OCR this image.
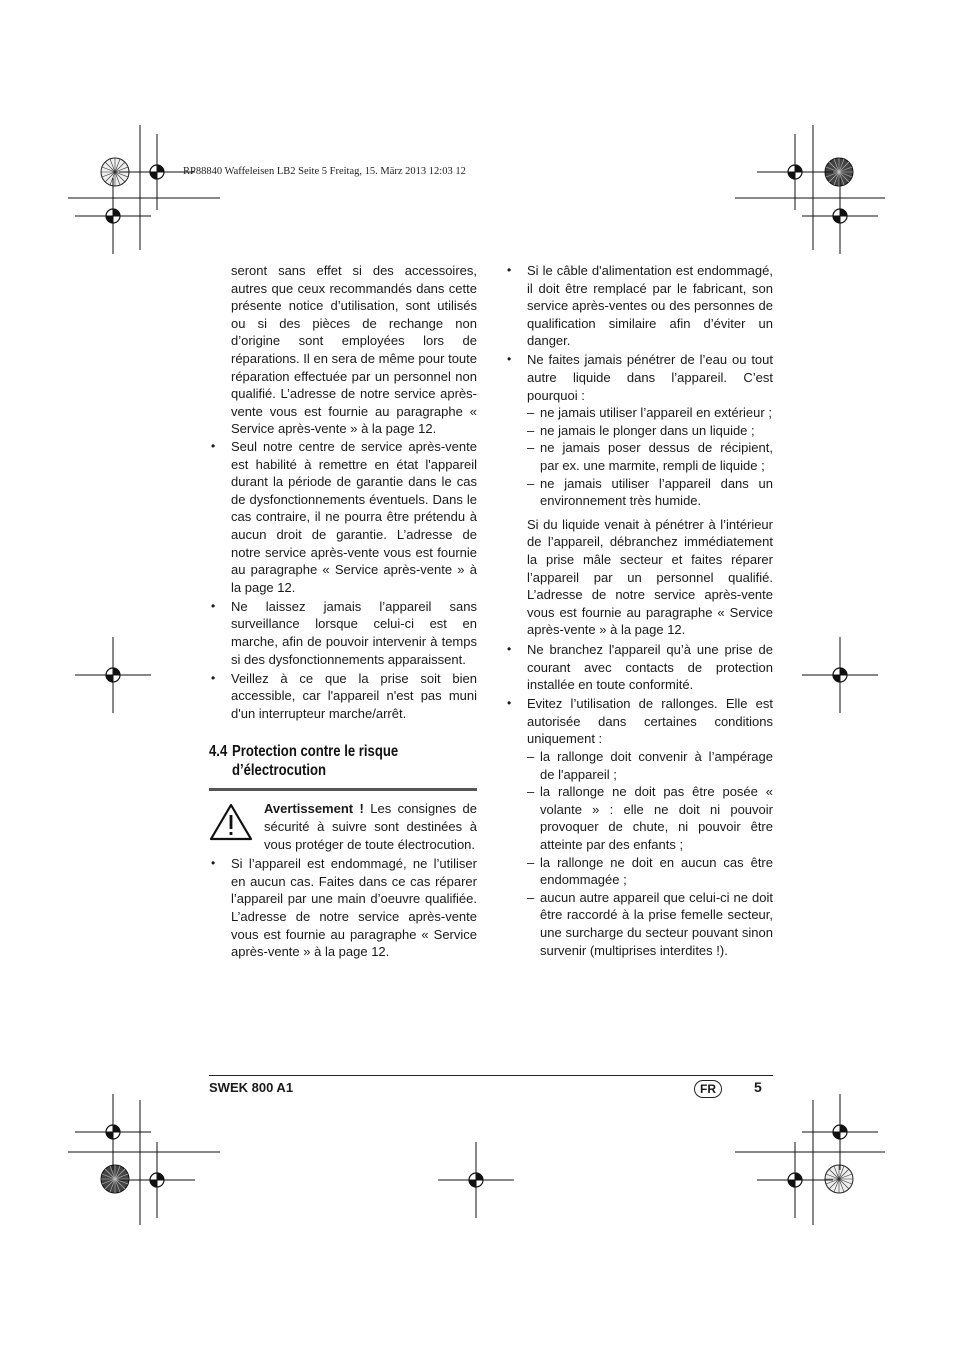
RP88840 Waffeleisen LB2 Seite 5 Freitag, 15. März 2013 12:03 12

seront sans effet si des accessoires, autres que ceux recommandés dans cette présente notice d’utilisation, sont utilisés ou si des pièces de rechange non d’origine sont employées lors de réparations. Il en sera de même pour toute réparation effectuée par un personnel non qualifié. L’adresse de notre service après-vente vous est fournie au paragraphe « Service après-vente » à la page 12.

• Seul notre centre de service après-vente est habilité à remettre en état l'appareil durant la période de garantie dans le cas de dysfonctionnements éventuels. Dans le cas contraire, il ne pourra être prétendu à aucun droit de garantie. L’adresse de notre service après-vente vous est fournie au paragraphe « Service après-vente » à la page 12.
• Ne laissez jamais l’appareil sans surveillance lorsque celui-ci est en marche, afin de pouvoir intervenir à temps si des dysfonctionnements apparaissent.
• Veillez à ce que la prise soit bien accessible, car l'appareil n'est pas muni d'un interrupteur marche/arrêt.
4.4 Protection contre le risque
d’électrocution

Avertissement ! Les consignes de sécurité à suivre sont destinées à vous protéger de toute électrocution.

• Si l’appareil est endommagé, ne l’utiliser en aucun cas. Faites dans ce cas réparer l’appareil par une main d’oeuvre qualifiée. L’adresse de notre service après-vente vous est fournie au paragraphe « Service après-vente » à la page 12.
• Si le câble d'alimentation est endommagé, il doit être remplacé par le fabricant, son service après-ventes ou des personnes de qualification similaire afin d’éviter un danger.
• Ne faites jamais pénétrer de l’eau ou tout autre liquide dans l’appareil. C’est pourquoi :
– ne jamais utiliser l’appareil en extérieur ;
– ne jamais le plonger dans un liquide ;
– ne jamais poser dessus de récipient, par ex. une marmite, rempli de liquide ;
– ne jamais utiliser l’appareil dans un environnement très humide.

Si du liquide venait à pénétrer à l’intérieur de l’appareil, débranchez immédiatement la prise mâle secteur et faites réparer l’appareil par un personnel qualifié. L’adresse de notre service après-vente vous est fournie au paragraphe « Service après-vente » à la page 12.

• Ne branchez l'appareil qu’à une prise de courant avec contacts de protection installée en toute conformité.
• Evitez l’utilisation de rallonges. Elle est autorisée dans certaines conditions uniquement :
– la rallonge doit convenir à l’ampérage de l'appareil ;
– la rallonge ne doit pas être posée « volante » : elle ne doit ni pouvoir provoquer de chute, ni pouvoir être atteinte par des enfants ;
– la rallonge ne doit en aucun cas être endommagée ;
– aucun autre appareil que celui-ci ne doit être raccordé à la prise femelle secteur, une surcharge du secteur pouvant sinon survenir (multiprises interdites !).
SWEK 800 A1	FR	5
